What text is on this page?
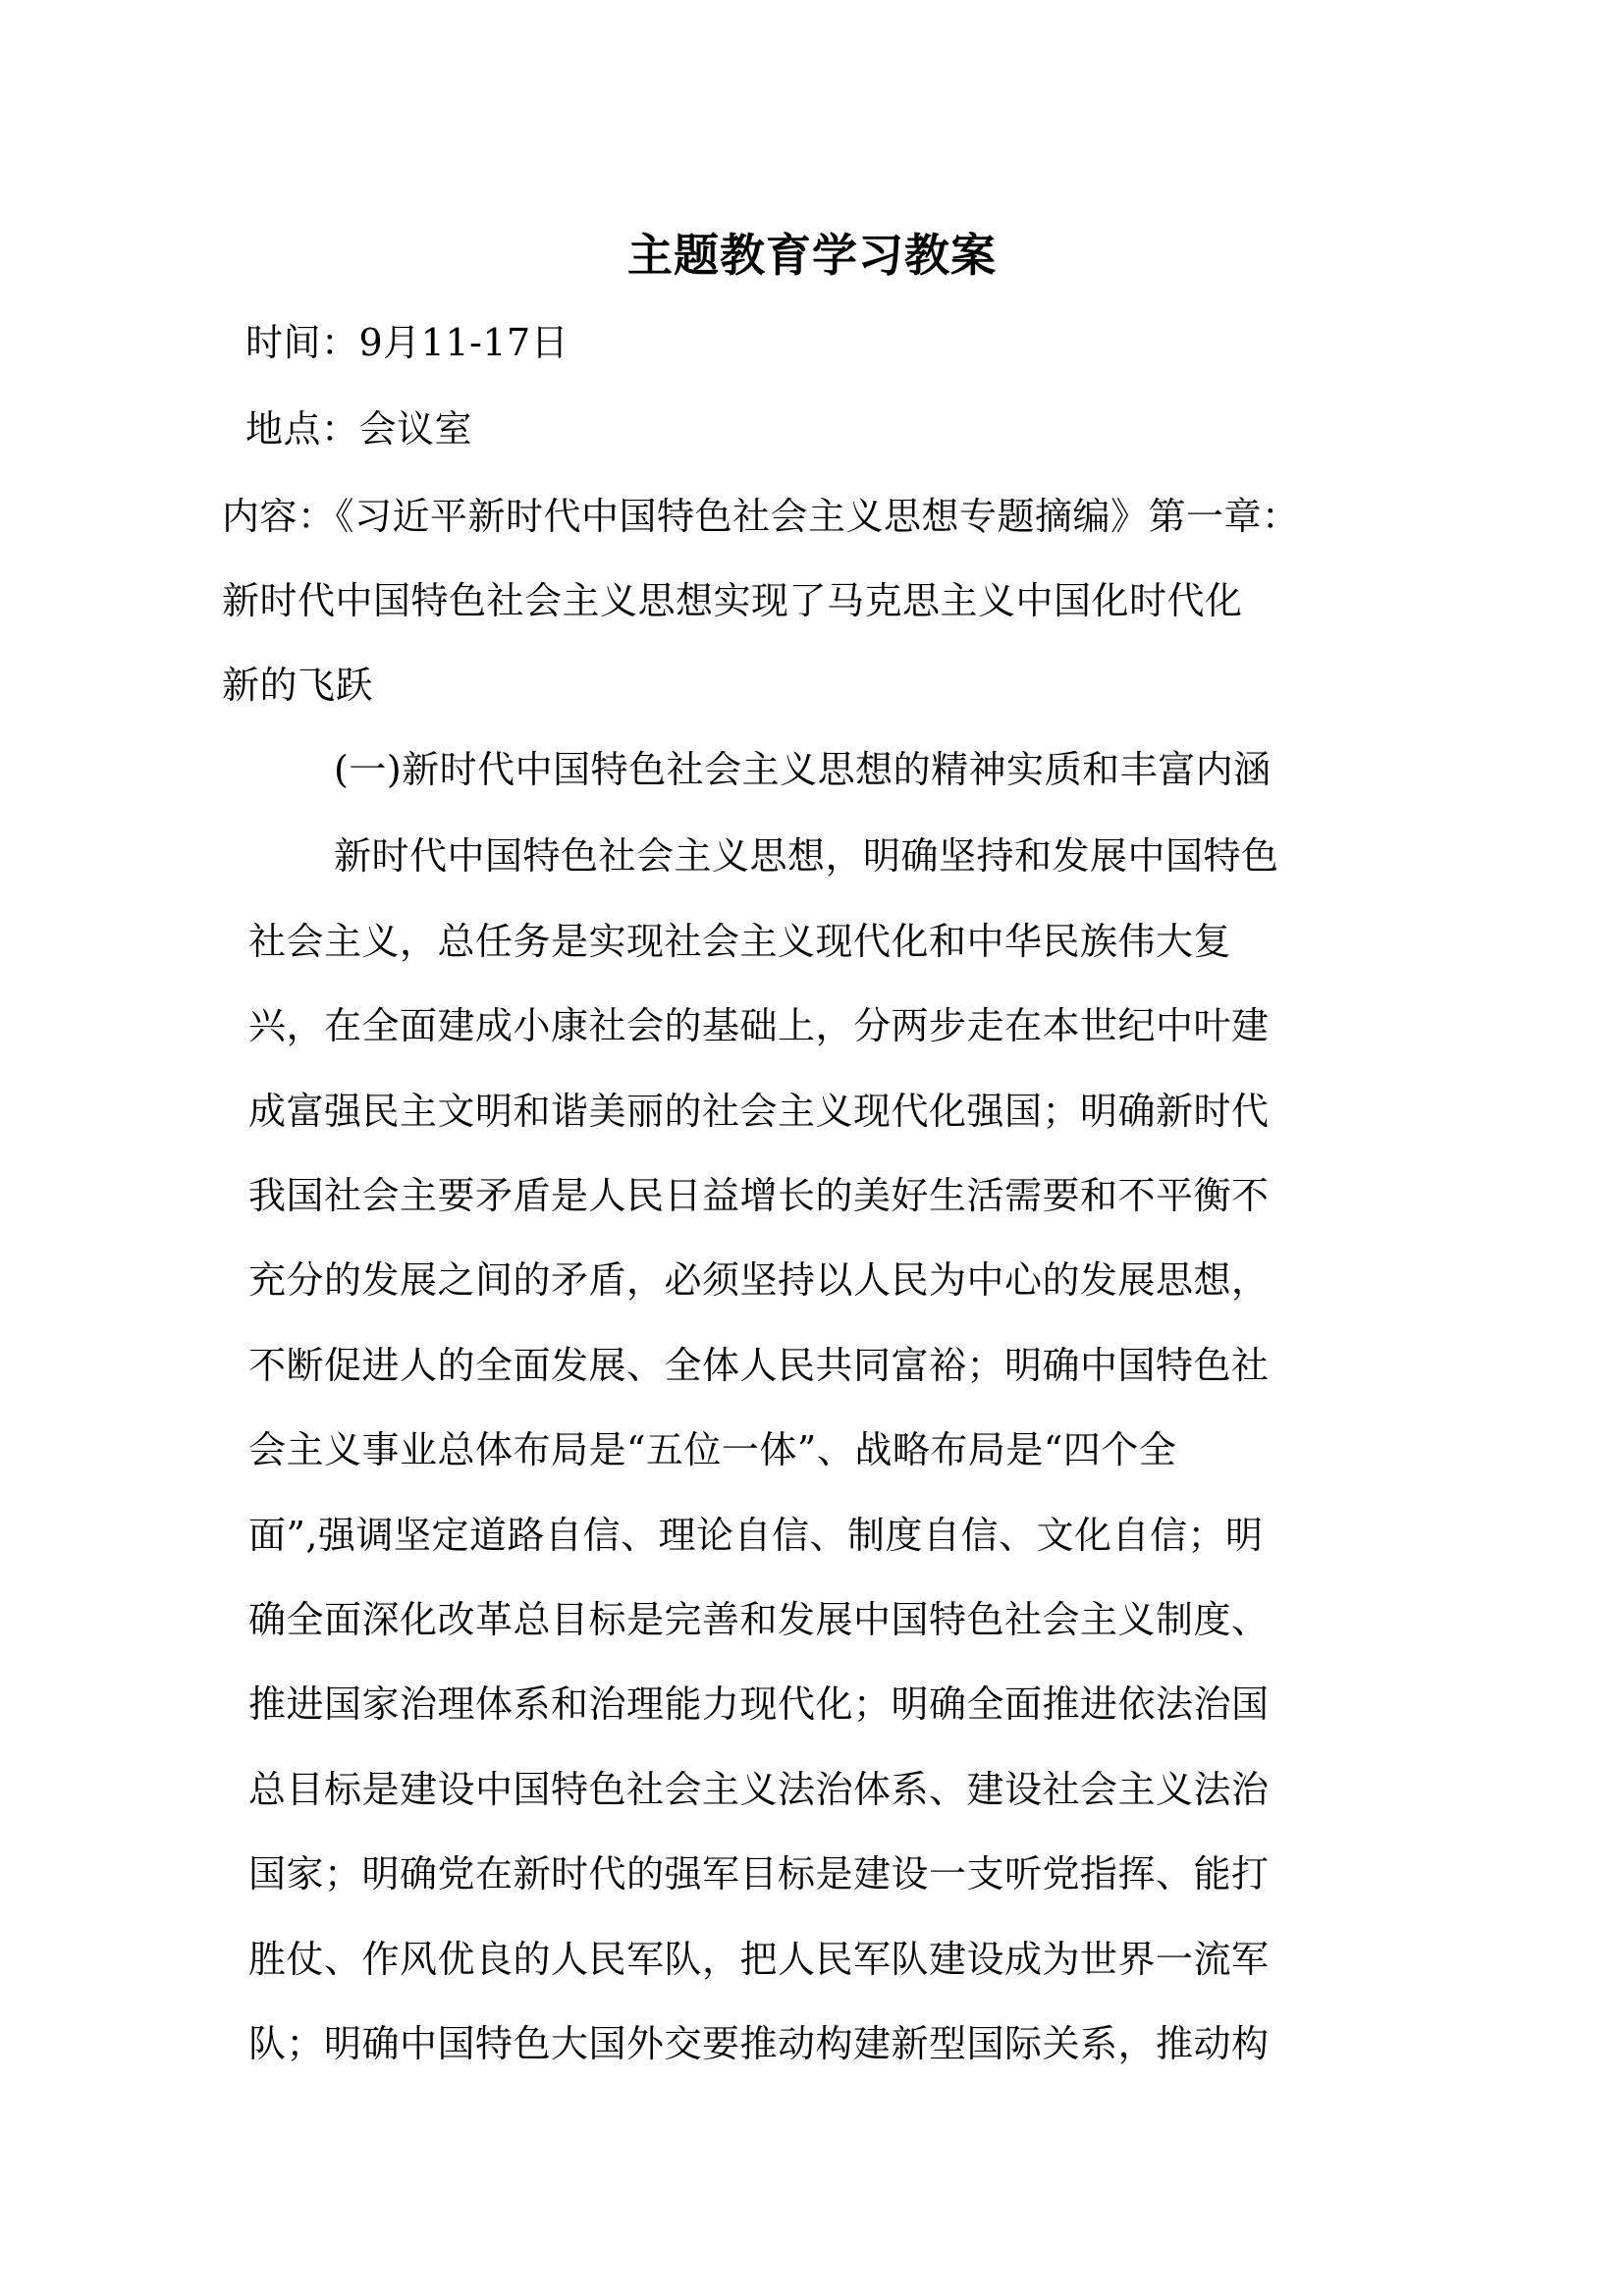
主题教育学习教案
时间：9月11-17日
地点：会议室
内容：《习近平新时代中国特色社会主义思想专题摘编》第一章：
新时代中国特色社会主义思想实现了马克思主义中国化时代化
新的飞跃
(一)新时代中国特色社会主义思想的精神实质和丰富内涵
新时代中国特色社会主义思想，明确坚持和发展中国特色
社会主义，总任务是实现社会主义现代化和中华民族伟大复
兴，在全面建成小康社会的基础上，分两步走在本世纪中叶建
成富强民主文明和谐美丽的社会主义现代化强国；明确新时代
我国社会主要矛盾是人民日益增长的美好生活需要和不平衡不
充分的发展之间的矛盾，必须坚持以人民为中心的发展思想，
不断促进人的全面发展、全体人民共同富裕；明确中国特色社
会主义事业总体布局是“五位一体”、战略布局是“四个全
面”,强调坚定道路自信、理论自信、制度自信、文化自信；明
确全面深化改革总目标是完善和发展中国特色社会主义制度、
推进国家治理体系和治理能力现代化；明确全面推进依法治国
总目标是建设中国特色社会主义法治体系、建设社会主义法治
国家；明确党在新时代的强军目标是建设一支听党指挥、能打
胜仗、作风优良的人民军队，把人民军队建设成为世界一流军
队；明确中国特色大国外交要推动构建新型国际关系，推动构
